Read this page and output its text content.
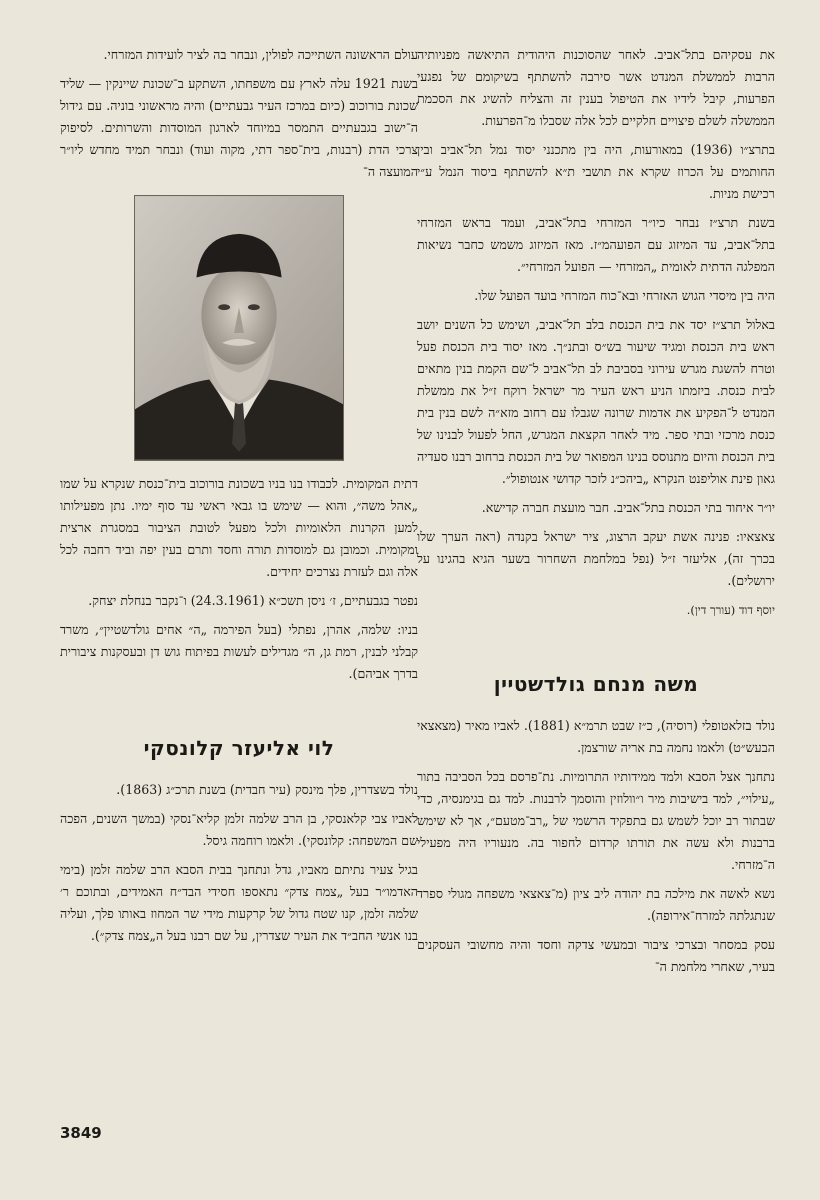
את עסקיהם בתל־אביב. לאחר שהסוכנות היהודית התיאשה מפניותיה הרבות לממשלת המנדט אשר סירבה להשתתף בשיקומם של נפגעי הפרעות, קיבל לידיו את הטיפול בענין זה והצליח להשיג את הסכמת הממשלה לשלם פיצויים חלקיים לכל אלה שסבלו מ־הפרעות.

בתרצ״ו (1936) במאורעות, היה בין מתכנני יסוד נמל תל־אביב ובין החותמים על הכרוז שקרא את תושבי ת״א להשתתף ביסוד הנמל ע״י רכישת מניות.

בשנת תרצ״ז נבחר כיו״ר המזרחי בתל־אביב, ועמד בראש המזרחי בתל־אביב, עד המיזוג עם הפועהמ״ז. מאז המיזוג משמש כחבר נשיאות המפלגה הדתית לאומית „המזרחי — הפועל המזרחי״.

היה בין מיסדי הגוש האזרחי ובא־כוח המזרחי בועד הפועל שלו.

באלול תרצ״ז יסד את בית הכנסת בלב תל־אביב, ושימש כל השנים יושב ראש בית הכנסת ומגיד שיעור בש״ס ובתנ״ך. מאז יסוד בית הכנסת פעל וטרח להשגת מגרש עירוני בסביבת לב תל־אביב ל־שם הקמת בנין מתאים לבית כנסת. ביזמתו הניע ראש העיר מר ישראל רוקח ז״ל את ממשלת המנדט ל־הפקיע את אדמות שרונה שגבלו עם רחוב מזא״ה לשם בנין בית כנסת מרכזי ובתי ספר. מיד לאחר הקצאת המגרש, החל לפעול לבנינו של בית הכנסת והיום מתנוסס בנינו המפואר של בית הכנסת ברחוב רבנו סעדיה גאון פינת אוליפנט הנקרא „ביהכ״נ לזכר קדושי אנטופול״.

יו״ר איחוד בתי הכנסת בתל־אביב. חבר מועצת חברה קדישא.

צאצאיו: פנינה אשת יעקב הרצוג, ציר ישראל בקנדה (ראה הערך שלו בכרך זה), אליעזר ז״ל (נפל במלחמת השחרור בשער הגיא בהגינו על ירושלים).

יוסף דוד (עורך דין).

משה מנחם גולדשטיין

נולד בזלאטופלי (רוסיה), כ״ז שבט תרמ״א (1881). לאביו מאיר (מצאצאי הבעש״ט) ולאמו נחמה בת אריה שורצמן.

נתחנך אצל הסבא ולמד ממידותיו התרומיות. נת־פרסם בכל הסביבה בתור „עילוי״, למד בישיבות מיר ו״וולוזין והוסמך לרבנות. למד גם בגימנסיה, כדי שבתור רב יוכל לשמש גם בתפקיד הרשמי של „רב־מטעם״, אך לא שימש ברבנות ולא עשה את תורתו קרדום לחפור בה. מנעוריו היה מפעילי ה־מזרחי.

נשא לאשה את מילכה בת יהודה ליב ציון (מ־צאצאי משפחה מגולי ספרד שנתגלתה למזרח־אירופה).

עסק במסחר ובצרכי ציבור ובמעשי צדקה וחסד והיה מחשובי העסקנים בעיר, שאחרי מלחמת ה־

עולם הראשונה השתייכה לפולין, ונבחר בה לציר לועידות המזרחי.

בשנת 1921 עלה לארץ עם משפחתו, השתקע ב־שכונת שיינקין — שליד שכונת בורוכוב (כיום במרכז העיר גבעתיים) והיה מראשוני בוניה. עם גידול ה־ישוב בגבעתיים התמסר במיוחד לארגון המוסדות והשרותים. לסיפוק צרכי הדת (רבנות, בית־ספר דתי, מקוה ועוד) ונבחר תמיד מחדש ליו״ר המועצה ה־

דתית המקומית. לכבודו בנו בניו בשכונת בורוכוב בית־כנסת שנקרא על שמו „אהל משה״, והוא — שימש בו גבאי ראשי עד סוף ימיו. נתן מפעילותו למען הקרנות הלאומיות ולכל מפעל לטובת הציבור במסגרת ארצית ומקומית. וכמובן גם למוסדות תורה וחסד ותרם בעין יפה וביד רחבה לכל אלה וגם לעזרת נצרכים יחידים.

נפטר בגבעתיים, ז׳ ניסן תשכ״א (24.3.1961) ו־נקבר בנחלת יצחק.

בניו: שלמה, אהרן, נפתלי (בעל הפירמה „ה״ אחים גולדשטיין״, משרד קבלני לבנין, רמת גן, ה״ מגדילים לעשות בפיתוח גוש דן ובעסקנות ציבורית בדרך אביהם).

לוי אליעזר קלונסקי

נולד בשצדרין, פלך מינסק (עיר חבדית) בשנת תרכ״ג (1863).

לאביו צבי קלאנסקי, בן הרב שלמה זלמן קליא־נסקי (במשך השנים, הפכה שם המשפחה: קלונסקי). ולאמו רוחמה גיסל.

בגיל צעיר נתיתם מאביו, גדל ונתחנך בבית הסבא הרב שלמה זלמן (בימי האדמו״ר בעל „צמח צדק״ נתאספו חסידי הבד״ח האמידים, ובתוכם ר׳ שלמה זלמן, קנו שטח גדול של קרקעות מידי שר המחוז באותו פלך, ועליה בנו אנשי החב״ד את העיר שצדרין, על שם רבנו בעל ה„צמח צדק״).

3849
